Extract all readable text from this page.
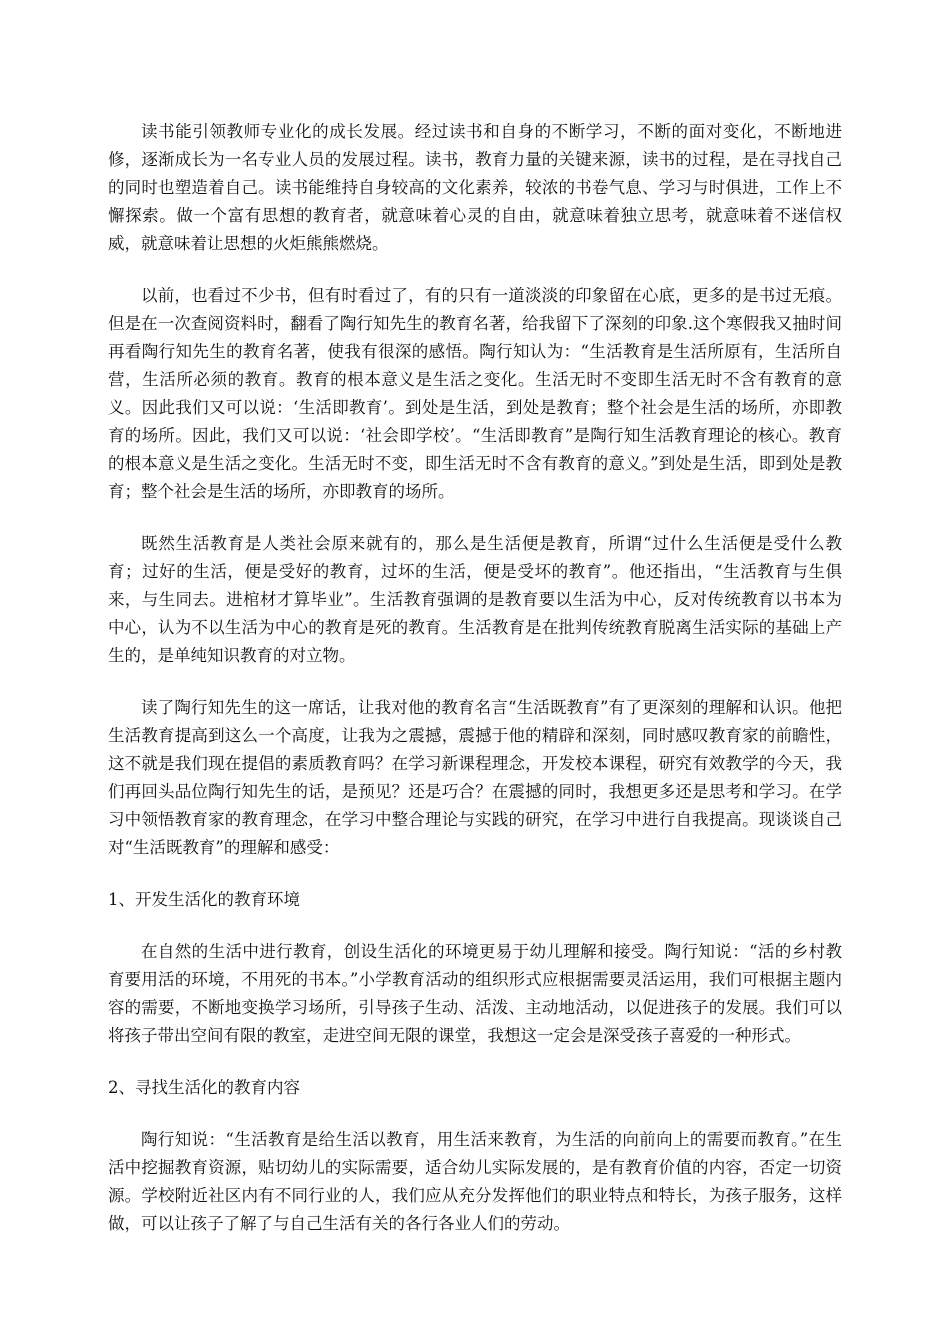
读书能引领教师专业化的成长发展。经过读书和自身的不断学习，不断的面对变化，不断地进修，逐渐成长为一名专业人员的发展过程。读书，教育力量的关键来源，读书的过程，是在寻找自己的同时也塑造着自己。读书能维持自身较高的文化素养，较浓的书卷气息、学习与时俱进，工作上不懈探索。做一个富有思想的教育者，就意味着心灵的自由，就意味着独立思考，就意味着不迷信权威，就意味着让思想的火炬熊熊燃烧。

以前，也看过不少书，但有时看过了，有的只有一道淡淡的印象留在心底，更多的是书过无痕。但是在一次查阅资料时，翻看了陶行知先生的教育名著，给我留下了深刻的印象.这个寒假我又抽时间再看陶行知先生的教育名著，使我有很深的感悟。陶行知认为：“生活教育是生活所原有，生活所自营，生活所必须的教育。教育的根本意义是生活之变化。生活无时不变即生活无时不含有教育的意义。因此我们又可以说：‘生活即教育’。到处是生活，到处是教育；整个社会是生活的场所，亦即教育的场所。因此，我们又可以说：‘社会即学校’。“生活即教育”是陶行知生活教育理论的核心。教育的根本意义是生活之变化。生活无时不变，即生活无时不含有教育的意义。”到处是生活，即到处是教育；整个社会是生活的场所，亦即教育的场所。

既然生活教育是人类社会原来就有的，那么是生活便是教育，所谓“过什么生活便是受什么教育；过好的生活，便是受好的教育，过坏的生活，便是受坏的教育”。他还指出，“生活教育与生俱来，与生同去。进棺材才算毕业”。生活教育强调的是教育要以生活为中心，反对传统教育以书本为中心，认为不以生活为中心的教育是死的教育。生活教育是在批判传统教育脱离生活实际的基础上产生的，是单纯知识教育的对立物。

读了陶行知先生的这一席话，让我对他的教育名言“生活既教育”有了更深刻的理解和认识。他把生活教育提高到这么一个高度，让我为之震撼，震撼于他的精辟和深刻，同时感叹教育家的前瞻性，这不就是我们现在提倡的素质教育吗？在学习新课程理念，开发校本课程，研究有效教学的今天，我们再回头品位陶行知先生的话，是预见？还是巧合？在震撼的同时，我想更多还是思考和学习。在学习中领悟教育家的教育理念，在学习中整合理论与实践的研究，在学习中进行自我提高。现谈谈自己对“生活既教育”的理解和感受：

1、开发生活化的教育环境

在自然的生活中进行教育，创设生活化的环境更易于幼儿理解和接受。陶行知说：“活的乡村教育要用活的环境，不用死的书本。”小学教育活动的组织形式应根据需要灵活运用，我们可根据主题内容的需要，不断地变换学习场所，引导孩子生动、活泼、主动地活动，以促进孩子的发展。我们可以将孩子带出空间有限的教室，走进空间无限的课堂，我想这一定会是深受孩子喜爱的一种形式。

2、寻找生活化的教育内容

陶行知说：“生活教育是给生活以教育，用生活来教育，为生活的向前向上的需要而教育。”在生活中挖掘教育资源，贴切幼儿的实际需要，适合幼儿实际发展的，是有教育价值的内容，否定一切资源。学校附近社区内有不同行业的人，我们应从充分发挥他们的职业特点和特长，为孩子服务，这样做，可以让孩子了解了与自己生活有关的各行各业人们的劳动。
